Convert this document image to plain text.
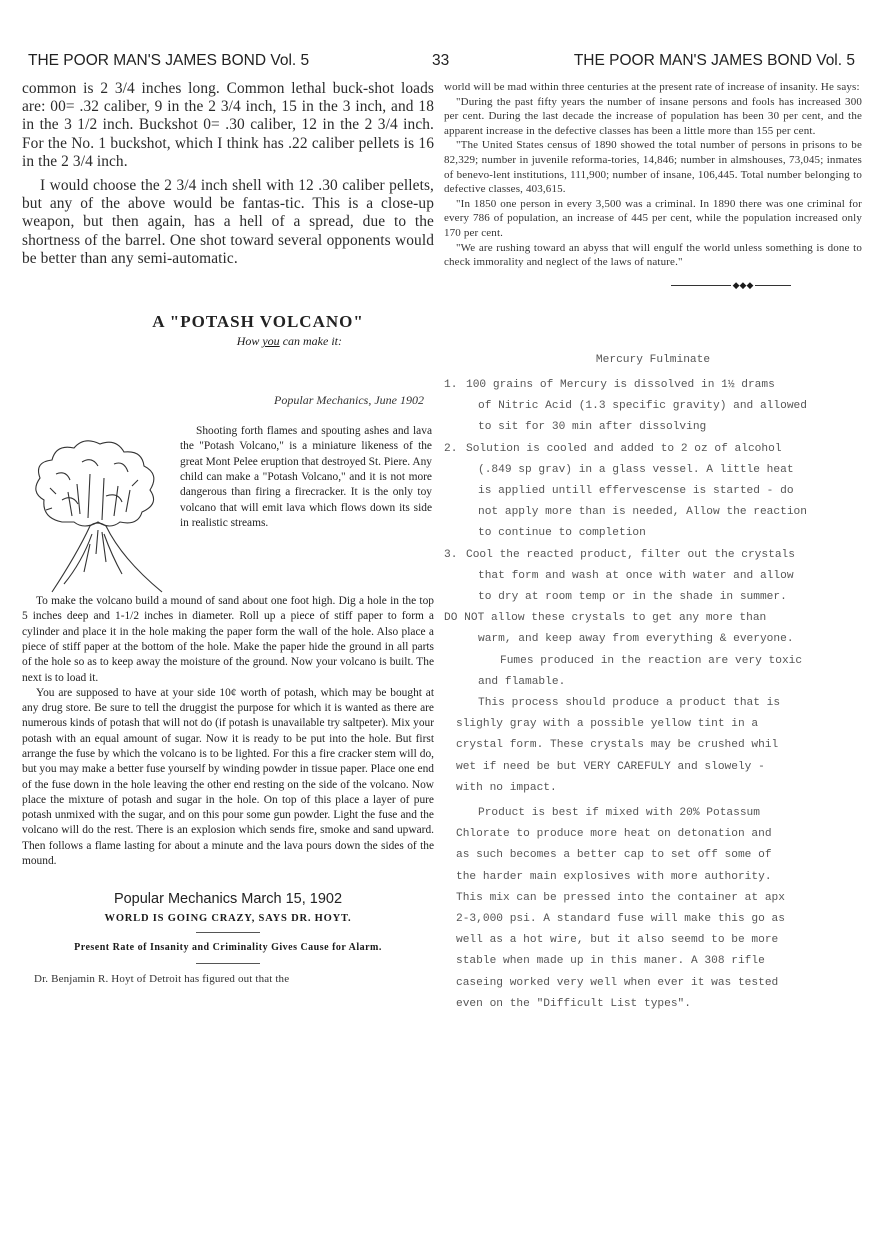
THE POOR MAN'S JAMES BOND Vol. 5	33	THE POOR MAN'S JAMES BOND Vol. 5

common is 2 3/4 inches long. Common lethal buck-shot loads are: 00= .32 caliber, 9 in the 2 3/4 inch, 15 in the 3 inch, and 18 in the 3 1/2 inch. Buckshot 0= .30 caliber, 12 in the 2 3/4 inch. For the No. 1 buckshot, which I think has .22 caliber pellets is 16 in the 2 3/4 inch.

I would choose the 2 3/4 inch shell with 12 .30 caliber pellets, but any of the above would be fantas-tic. This is a close-up weapon, but then again, has a hell of a spread, due to the shortness of the barrel. One shot toward several opponents would be better than any semi-automatic.

A "POTASH VOLCANO"
How you can make it:
Popular Mechanics, June 1902
Shooting forth flames and spouting ashes and lava the "Potash Volcano," is a miniature likeness of the great Mont Pelee eruption that destroyed St. Piere. Any child can make a "Potash Volcano," and it is not more dangerous than firing a firecracker. It is the only toy volcano that will emit lava which flows down its side in realistic streams.

To make the volcano build a mound of sand about one foot high. Dig a hole in the top 5 inches deep and 1-1/2 inches in diameter. Roll up a piece of stiff paper to form a cylinder and place it in the hole making the paper form the wall of the hole. Also place a piece of stiff paper at the bottom of the hole. Make the paper hide the ground in all parts of the hole so as to keep away the moisture of the ground. Now your volcano is built. The next is to load it.

You are supposed to have at your side 10¢ worth of potash, which may be bought at any drug store. Be sure to tell the druggist the purpose for which it is wanted as there are numerous kinds of potash that will not do (if potash is unavailable try saltpeter). Mix your potash with an equal amount of sugar. Now it is ready to be put into the hole. But first arrange the fuse by which the volcano is to be lighted. For this a fire cracker stem will do, but you may make a better fuse yourself by winding powder in tissue paper. Place one end of the fuse down in the hole leaving the other end resting on the side of the volcano. Now place the mixture of potash and sugar in the hole. On top of this place a layer of pure potash unmixed with the sugar, and on this pour some gun powder. Light the fuse and the volcano will do the rest. There is an explosion which sends fire, smoke and sand upward. Then follows a flame lasting for about a minute and the lava pours down the sides of the mound.

Popular Mechanics March 15, 1902
WORLD IS GOING CRAZY, SAYS DR. HOYT.
Present Rate of Insanity and Criminality Gives Cause for Alarm.

Dr. Benjamin R. Hoyt of Detroit has figured out that the

world will be mad within three centuries at the present rate of increase of insanity. He says:

"During the past fifty years the number of insane persons and fools has increased 300 per cent. During the last decade the increase of population has been 30 per cent, and the apparent increase in the defective classes has been a little more than 155 per cent.

"The United States census of 1890 showed the total number of persons in prisons to be 82,329; number in juvenile reforma-tories, 14,846; number in almshouses, 73,045; inmates of benevo-lent institutions, 111,900; number of insane, 106,445. Total number belonging to defective classes, 403,615.

"In 1850 one person in every 3,500 was a criminal. In 1890 there was one criminal for every 786 of population, an increase of 445 per cent, while the population increased only 170 per cent.

"We are rushing toward an abyss that will engulf the world unless something is done to check immorality and neglect of the laws of nature."

◆◆◆
Mercury Fulminate
1. 100 grains of Mercury is dissolved in 1½ drams
of Nitric Acid (1.3 specific gravity) and allowed
to sit for 30 min after dissolving
2. Solution is cooled and added to 2 oz of alcohol
(.849 sp grav) in a glass vessel. A little heat
is applied untill effervescense is started - do
not apply more than is needed, Allow the reaction
to continue to completion
3. Cool the reacted product, filter out the crystals
that form and wash at once with water and allow
to dry at room temp or in the shade in summer.
DO NOT allow these crystals to get any more than
warm, and keep away from everything & everyone.
Fumes produced in the reaction are very toxic
and flamable.
This process should produce a product that is
slighly gray with a possible yellow tint in a
crystal form. These crystals may be crushed whil
wet if need be but VERY CAREFULY and slowely -
with no impact.
Product is best if mixed with 20% Potassum
Chlorate to produce more heat on detonation and
as such becomes a better cap to set off some of
the harder main explosives with more authority.
This mix can be pressed into the container at apx
2-3,000 psi. A standard fuse will make this go as
well as a hot wire, but it also seemd to be more
stable when made up in this maner. A 308 rifle
caseing worked very well when ever it was tested
even on the "Difficult List types".
